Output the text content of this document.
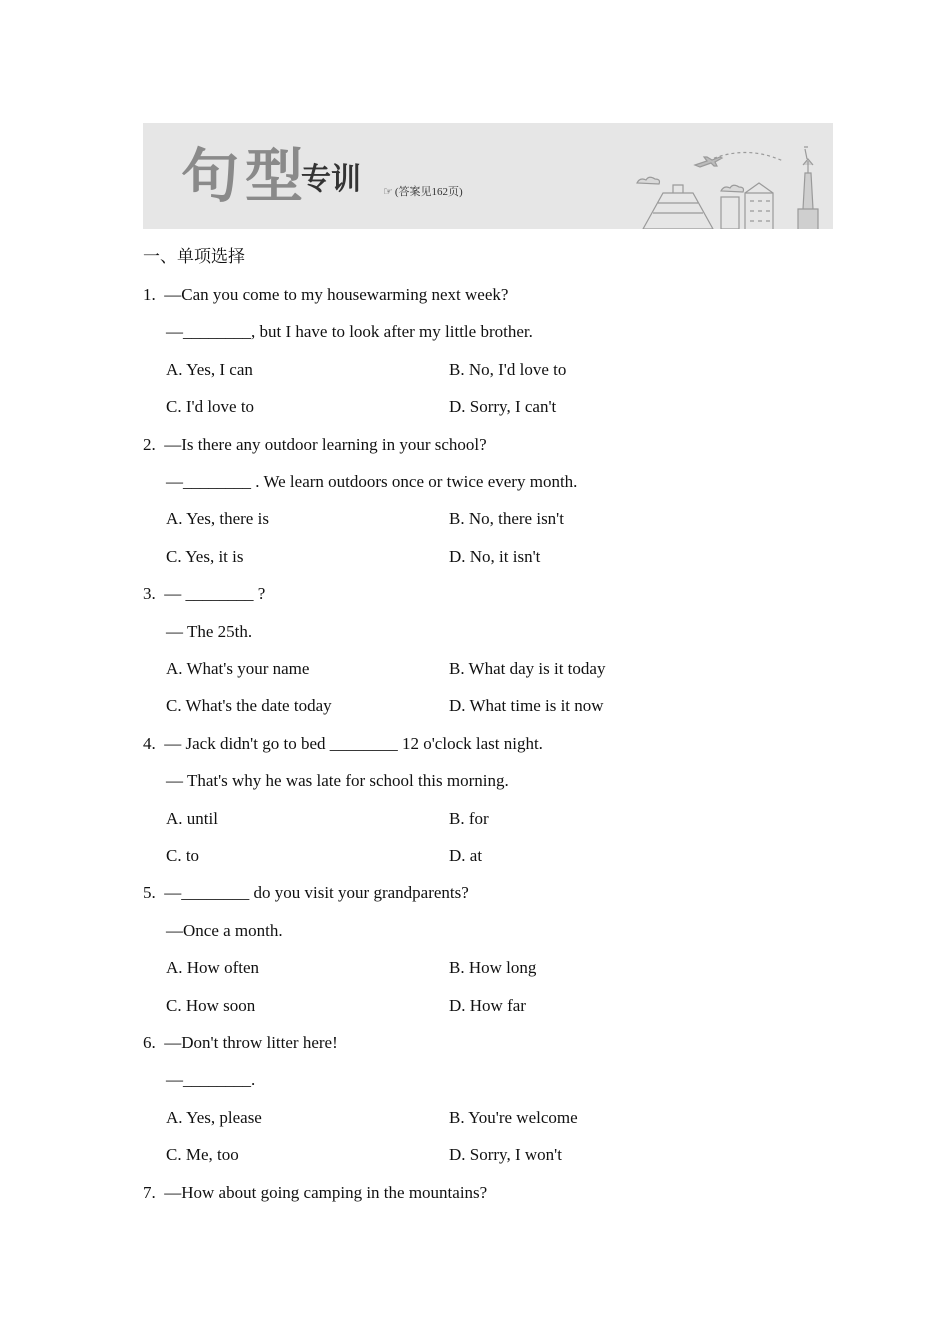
句型
专训 ☞ (答案见162页)
一、单项选择
1.  —Can you come to my housewarming next week?
—________, but I have to look after my little brother.
A. Yes, I can	B. No, I'd love to
C. I'd love to	D. Sorry, I can't
2.  —Is there any outdoor learning in your school?
—________ . We learn outdoors once or twice every month.
A. Yes, there is	B. No, there isn't
C. Yes, it is	D. No, it isn't
3.  — ________ ?
— The 25th.
A. What's your name	B. What day is it today
C. What's the date today	D. What time is it now
4.  — Jack didn't go to bed ________ 12 o'clock last night.
— That's why he was late for school this morning.
A. until	B. for
C. to	D. at
5.  —________ do you visit your grandparents?
—Once a month.
A. How often	B. How long
C. How soon	D. How far
6.  —Don't throw litter here!
—________.
A. Yes, please	B. You're welcome
C. Me, too	D. Sorry, I won't
7.  —How about going camping in the mountains?
